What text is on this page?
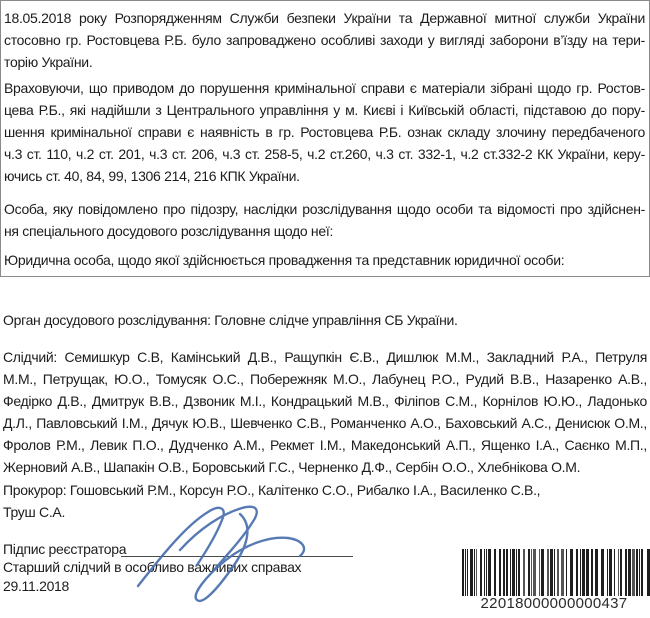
18.05.2018 року Розпорядженням Служби безпеки України та Державної митної служби України
стосовно гр. Ростовцева Р.Б. було запроваджено особливі заходи у вигляді заборони в’їзду на тери-
торію України.
Враховуючи, що приводом до порушення кримінальної справи є матеріали зібрані щодо гр. Ростов-
цева Р.Б., які надійшли з Центрального управління у м. Києві і Київській області, підставою до пору-
шення кримінальної справи є наявність в гр. Ростовцева Р.Б. ознак складу злочину передбаченого
ч.3 ст. 110, ч.2 ст. 201, ч.3 ст. 206, ч.3 ст. 258-5, ч.2 ст.260, ч.3 ст. 332-1, ч.2 ст.332-2 КК України, керу-
ючись ст. 40, 84, 99, 1306 214, 216 КПК України.
Особа, яку повідомлено про підозру, наслідки розслідування щодо особи та відомості про здійснен-
ня спеціального досудового розслідування щодо неї:
Юридична особа, щодо якої здійснюється провадження та представник юридичної особи:
Орган досудового розслідування: Головне слідче управління СБ України.
Слідчий: Семишкур С.В, Камінський Д.В., Ращупкін Є.В., Дишлюк М.М., Закладний Р.А., Петруля
М.М., Петрущак, Ю.О., Томусяк О.С., Побережняк М.О., Лабунец Р.О., Рудий В.В., Назаренко А.В.,
Федірко Д.В., Дмитрук В.В., Дзвоник М.І., Кондрацький М.В., Філіпов С.М., Корнілов Ю.Ю., Ладонько
Д.Л., Павловський І.М., Дячук Ю.В., Шевченко С.В., Романченко А.О., Баховський А.С., Денисюк О.М.,
Фролов Р.М., Левик П.О., Дудченко А.М., Рекмет І.М., Македонський А.П., Ященко І.А., Саєнко М.П.,
Жерновий А.В., Шапакін О.В., Боровський Г.С., Черненко Д.Ф., Сербін О.О., Хлебнікова О.М.
Прокурор: Гошовський Р.М., Корсун Р.О., Калітенко С.О., Рибалко І.А., Василенко С.В.,
Труш С.А.
Підпис реєстратора
Старший слідчий в особливо важливих справах
29.11.2018
22018000000000437
